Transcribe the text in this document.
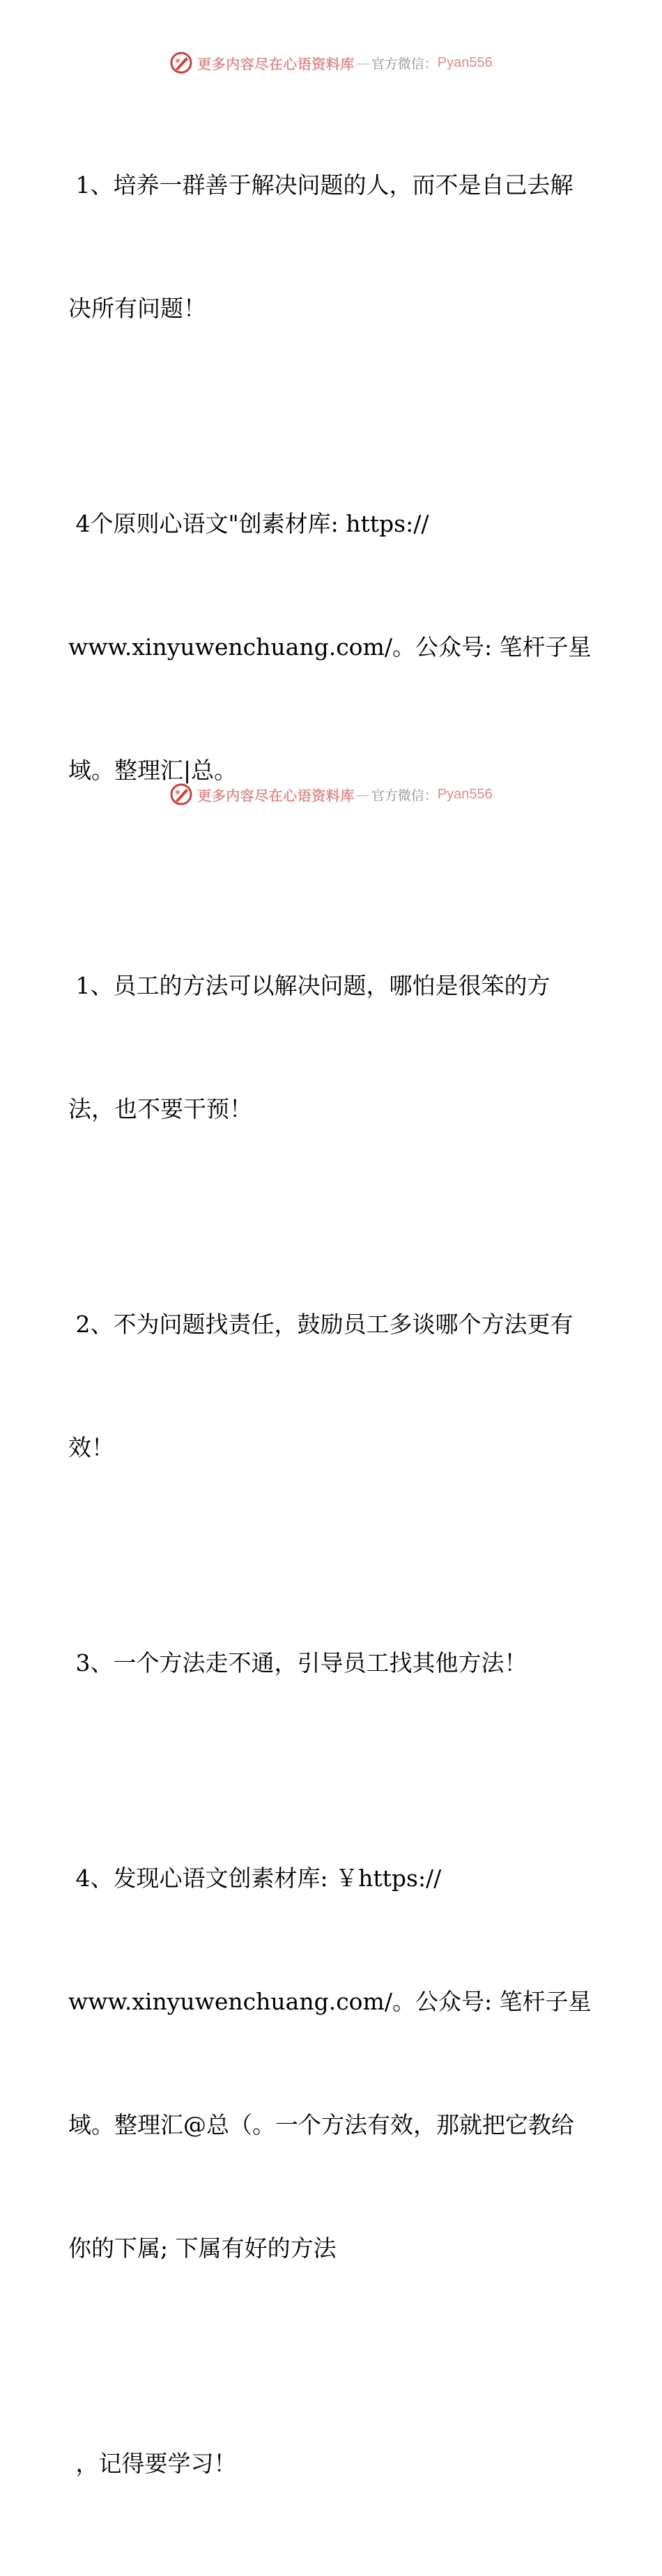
更多内容尽在心语资料库 — 官方微信： Pyan556

1、培养一群善于解决问题的人，而不是自己去解

决所有问题！

4个原则心语文"创素材库: https://

www.xinyuwenchuang.com/。公众号: 笔杆子星

域。整理汇|总。

1、员工的方法可以解决问题，哪怕是很笨的方

法，也不要干预！

2、不为问题找责任，鼓励员工多谈哪个方法更有

效！

3、一个方法走不通，引导员工找其他方法！

4、发现心语文创素材库: ￥https://

www.xinyuwenchuang.com/。公众号: 笔杆子星

域。整理汇@总（。一个方法有效，那就把它教给

你的下属; 下属有好的方法

，记得要学习！

更多内容尽在心语资料库 — 官方微信： Pyan556
